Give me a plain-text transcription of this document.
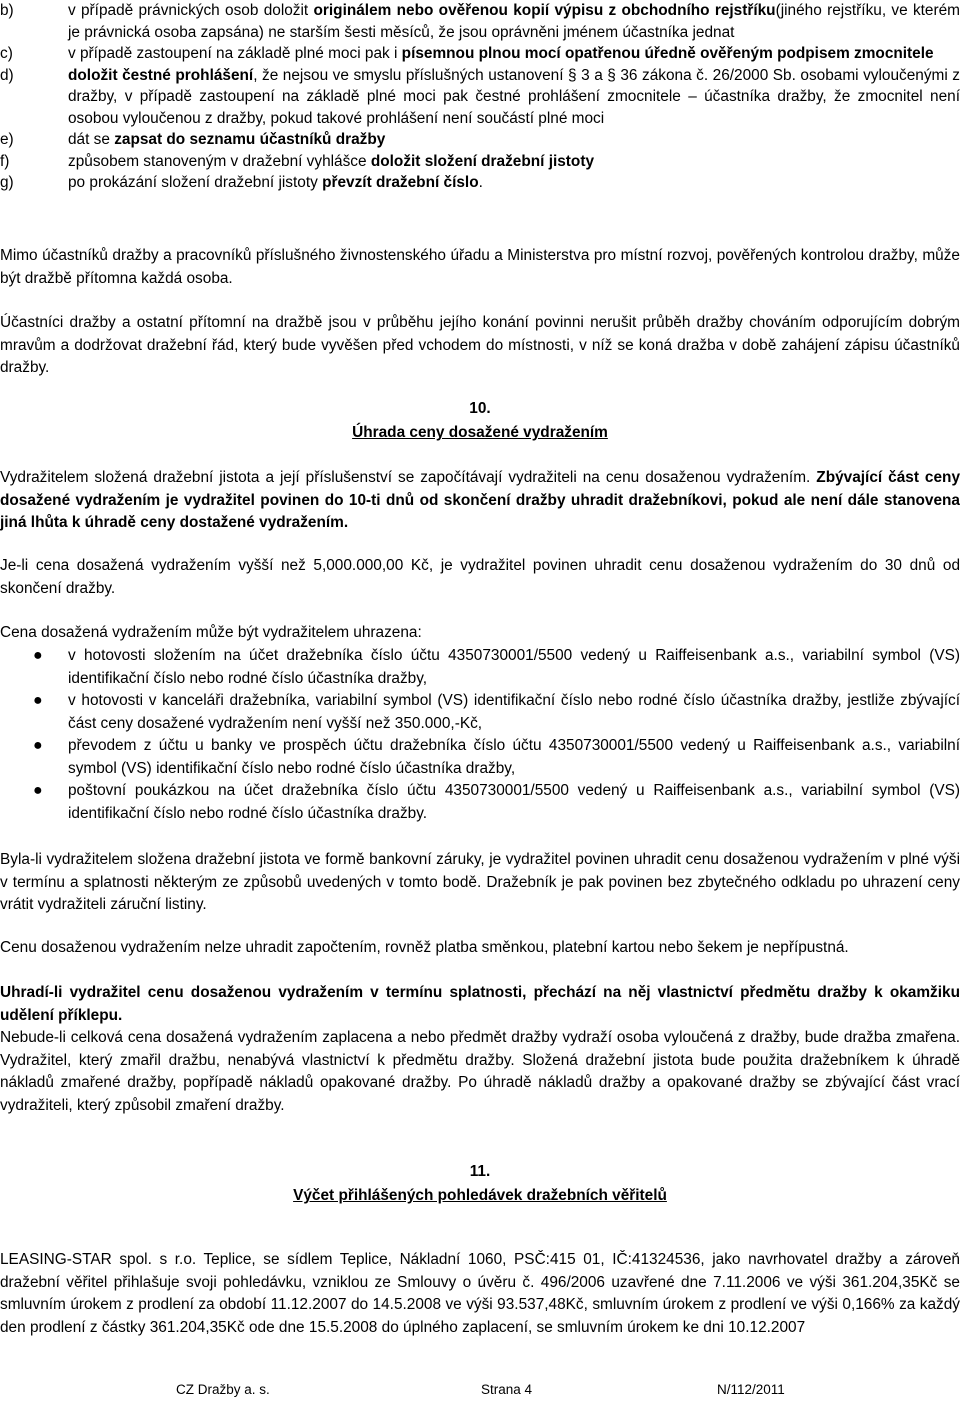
b)	v případě právnických osob doložit originálem nebo ověřenou kopií výpisu z obchodního rejstříku(jiného rejstříku, ve kterém je právnická osoba zapsána) ne starším šesti měsíců, že jsou oprávněni jménem účastníka jednat
c)	v případě zastoupení na základě plné moci pak i písemnou plnou mocí opatřenou úředně ověřeným podpisem zmocnitele
d)	doložit čestné prohlášení, že nejsou ve smyslu příslušných ustanovení § 3 a § 36 zákona č. 26/2000 Sb. osobami vyloučenými z dražby, v případě zastoupení na základě plné moci pak čestné prohlášení zmocnitele – účastníka dražby, že zmocnitel není osobou vyloučenou z dražby, pokud takové prohlášení není součástí plné moci
e)	dát se zapsat do seznamu účastníků dražby
f)	způsobem stanoveným v dražební vyhlášce doložit složení dražební jistoty
g)	po prokázání složení dražební jistoty převzít dražební číslo.

Mimo účastníků dražby a pracovníků příslušného živnostenského úřadu a Ministerstva pro místní rozvoj, pověřených kontrolou dražby, může být dražbě přítomna každá osoba.

Účastníci dražby a ostatní přítomní na dražbě jsou v průběhu jejího konání povinni nerušit průběh dražby chováním odporujícím dobrým mravům a dodržovat dražební řád, který bude vyvěšen před vchodem do místnosti, v níž se koná dražba v době zahájení zápisu účastníků dražby.

10.
Úhrada ceny dosažené vydražením

Vydražitelem složená dražební jistota a její příslušenství se započítávají vydražiteli na cenu dosaženou vydražením. Zbývající část ceny dosažené vydražením je vydražitel povinen do 10-ti dnů od skončení dražby uhradit dražebníkovi, pokud ale není dále stanovena jiná lhůta k úhradě ceny dostažené vydražením.

Je-li cena dosažená vydražením vyšší než 5,000.000,00 Kč, je vydražitel povinen uhradit cenu dosaženou vydražením do 30 dnů od skončení dražby.

Cena dosažená vydražením může být vydražitelem uhrazena:

● v hotovosti složením na účet dražebníka číslo účtu 4350730001/5500 vedený u Raiffeisenbank a.s., variabilní symbol (VS) identifikační číslo nebo rodné číslo účastníka dražby,
● v hotovosti v kanceláři dražebníka, variabilní symbol (VS) identifikační číslo nebo rodné číslo účastníka dražby, jestliže zbývající část ceny dosažené vydražením není vyšší než 350.000,-Kč,
● převodem z účtu u banky ve prospěch účtu dražebníka číslo účtu 4350730001/5500 vedený u Raiffeisenbank a.s., variabilní symbol (VS) identifikační číslo nebo rodné číslo účastníka dražby,
● poštovní poukázkou na účet dražebníka číslo účtu 4350730001/5500 vedený u Raiffeisenbank a.s., variabilní symbol (VS) identifikační číslo nebo rodné číslo účastníka dražby.

Byla-li vydražitelem složena dražební jistota ve formě bankovní záruky, je vydražitel povinen uhradit cenu dosaženou vydražením v plné výši v termínu a splatnosti některým ze způsobů uvedených v tomto bodě. Dražebník je pak povinen bez zbytečného odkladu po uhrazení ceny vrátit vydražiteli záruční listiny.

Cenu dosaženou vydražením nelze uhradit započtením, rovněž platba směnkou, platební kartou nebo šekem je nepřípustná.

Uhradí-li vydražitel cenu dosaženou vydražením v termínu splatnosti, přechází na něj vlastnictví předmětu dražby k okamžiku udělení příklepu.

Nebude-li celková cena dosažená vydražením zaplacena a nebo předmět dražby vydraží osoba vyloučená z dražby, bude dražba zmařena. Vydražitel, který zmařil dražbu, nenabývá vlastnictví k předmětu dražby. Složená dražební jistota bude použita dražebníkem k úhradě nákladů zmařené dražby, popřípadě nákladů opakované dražby. Po úhradě nákladů dražby a opakované dražby se zbývající část vrací vydražiteli, který způsobil zmaření dražby.

11.
Výčet přihlášených pohledávek dražebních věřitelů

LEASING-STAR spol. s r.o. Teplice, se sídlem Teplice, Nákladní 1060, PSČ:415 01, IČ:41324536, jako navrhovatel dražby a zároveň dražební věřitel přihlašuje svoji pohledávku, vzniklou ze Smlouvy o úvěru č. 496/2006 uzavřené dne 7.11.2006 ve výši 361.204,35Kč se smluvním úrokem z prodlení za období 11.12.2007 do 14.5.2008 ve výši 93.537,48Kč, smluvním úrokem z prodlení ve výši 0,166% za každý den prodlení z částky 361.204,35Kč ode dne 15.5.2008 do úplného zaplacení, se smluvním úrokem ke dni 10.12.2007

CZ Dražby a. s.	Strana 4	N/112/2011
